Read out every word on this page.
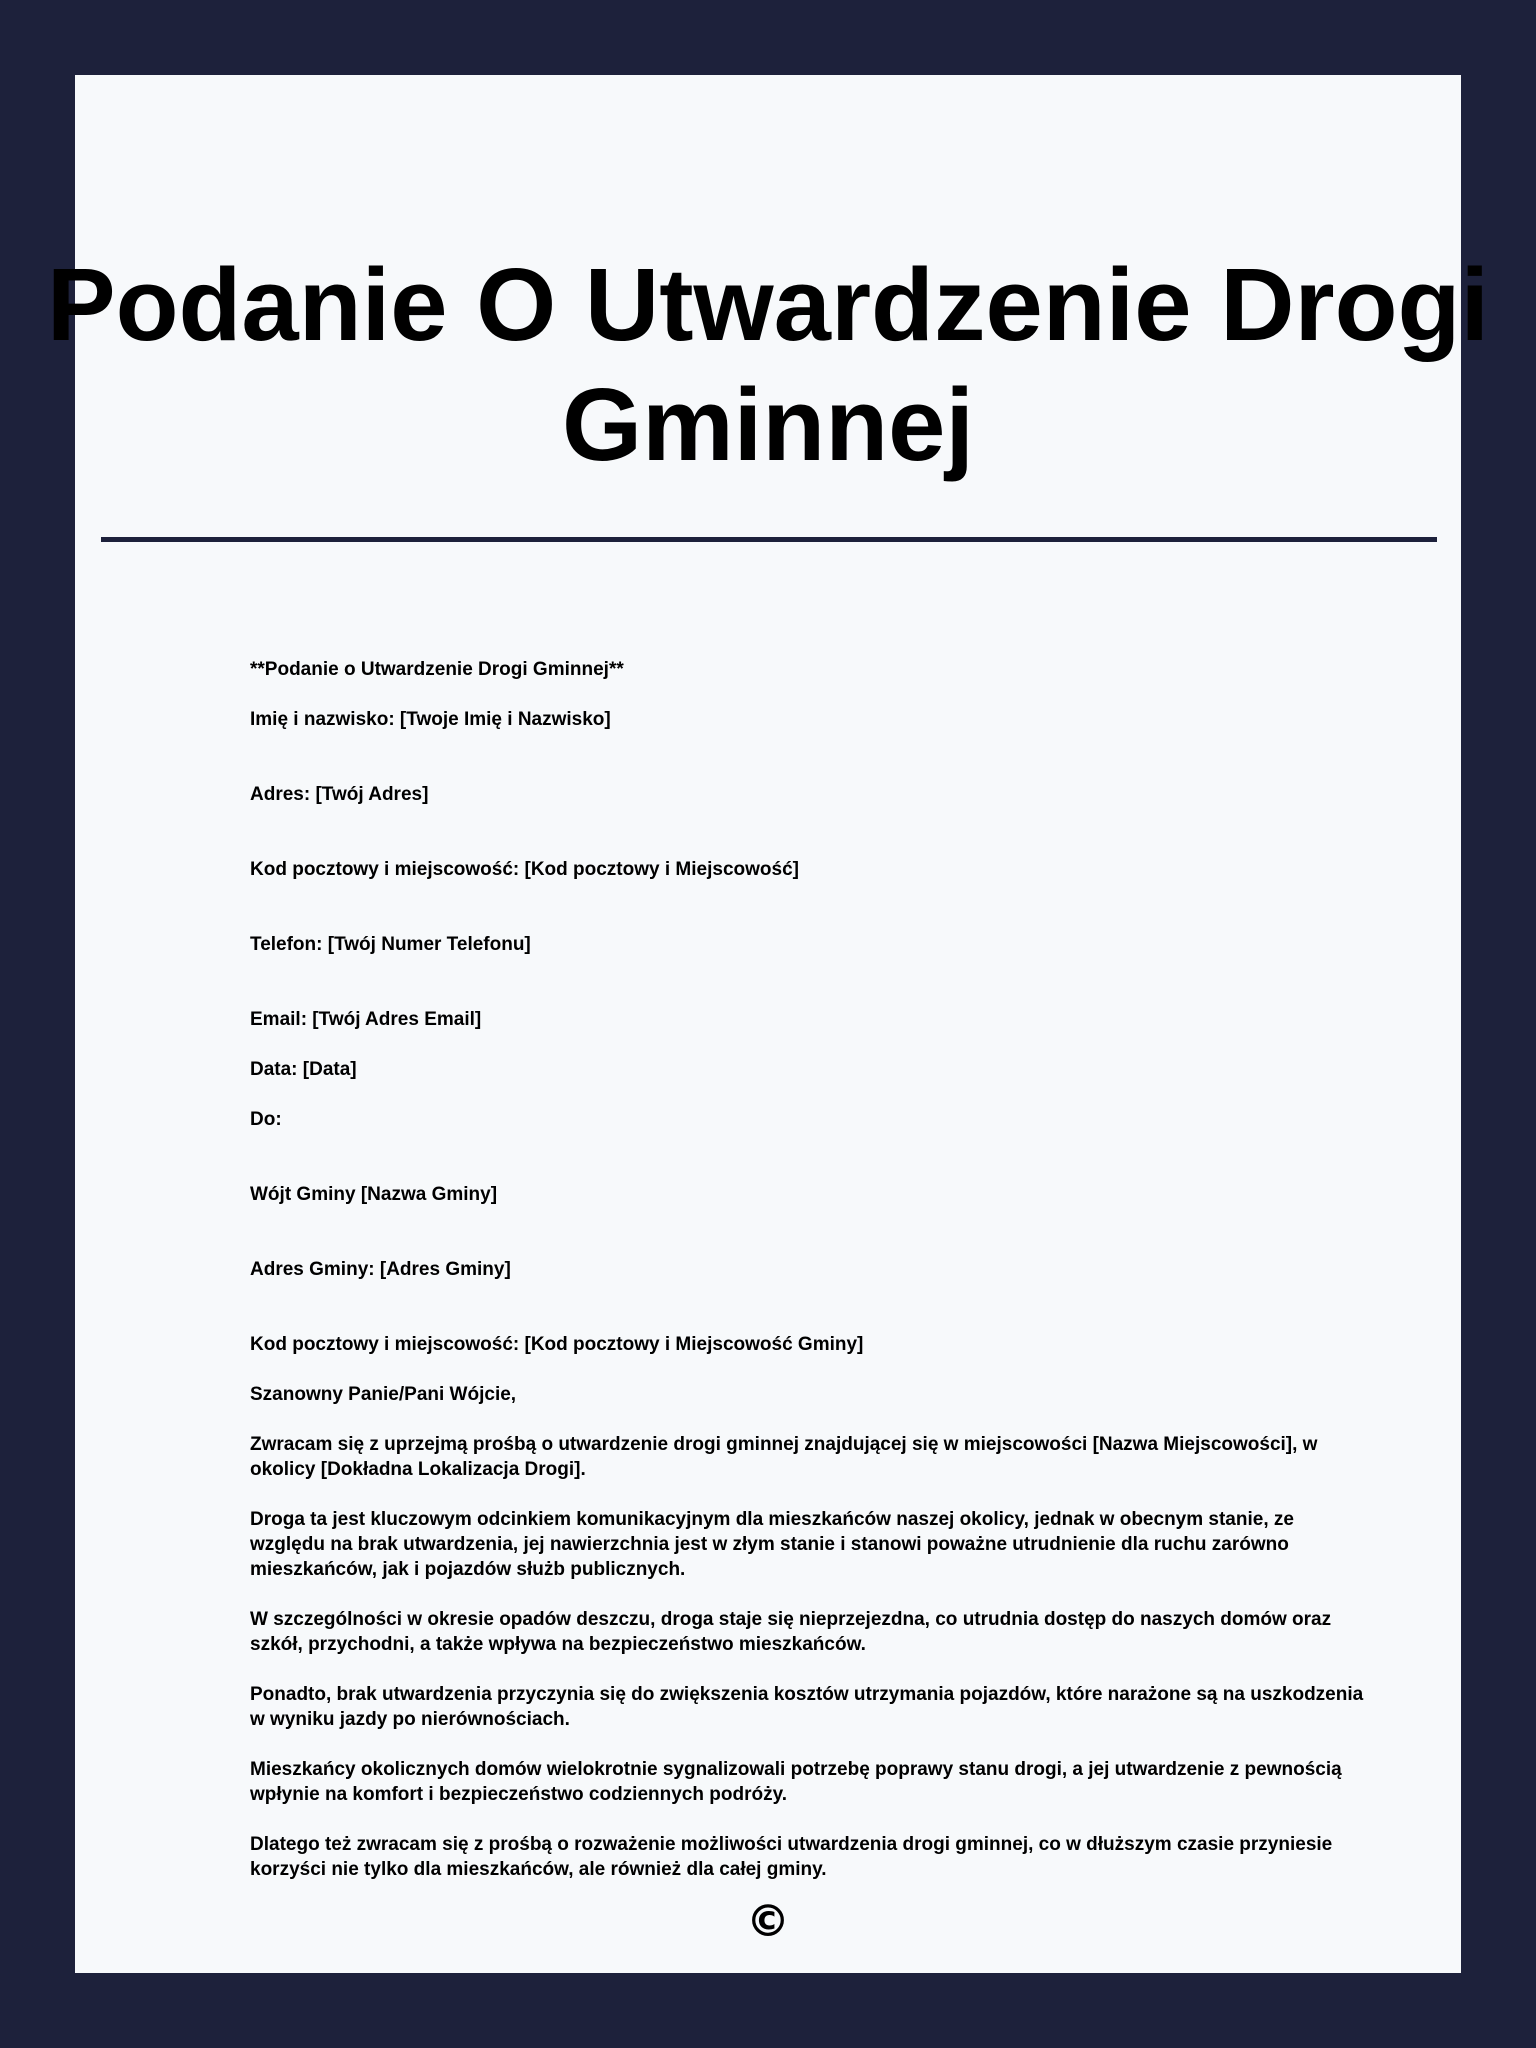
Podanie O Utwardzenie Drogi Gminnej

**Podanie o Utwardzenie Drogi Gminnej**

Imię i nazwisko: [Twoje Imię i Nazwisko]

Adres: [Twój Adres]

Kod pocztowy i miejscowość: [Kod pocztowy i Miejscowość]

Telefon: [Twój Numer Telefonu]

Email: [Twój Adres Email]

Data: [Data]

Do:

Wójt Gminy [Nazwa Gminy]

Adres Gminy: [Adres Gminy]

Kod pocztowy i miejscowość: [Kod pocztowy i Miejscowość Gminy]

Szanowny Panie/Pani Wójcie,

Zwracam się z uprzejmą prośbą o utwardzenie drogi gminnej znajdującej się w miejscowości [Nazwa Miejscowości], w okolicy [Dokładna Lokalizacja Drogi].

Droga ta jest kluczowym odcinkiem komunikacyjnym dla mieszkańców naszej okolicy, jednak w obecnym stanie, ze względu na brak utwardzenia, jej nawierzchnia jest w złym stanie i stanowi poważne utrudnienie dla ruchu zarówno mieszkańców, jak i pojazdów służb publicznych.

W szczególności w okresie opadów deszczu, droga staje się nieprzejezdna, co utrudnia dostęp do naszych domów oraz szkół, przychodni, a także wpływa na bezpieczeństwo mieszkańców.

Ponadto, brak utwardzenia przyczynia się do zwiększenia kosztów utrzymania pojazdów, które narażone są na uszkodzenia w wyniku jazdy po nierównościach.

Mieszkańcy okolicznych domów wielokrotnie sygnalizowali potrzebę poprawy stanu drogi, a jej utwardzenie z pewnością wpłynie na komfort i bezpieczeństwo codziennych podróży.

Dlatego też zwracam się z prośbą o rozważenie możliwości utwardzenia drogi gminnej, co w dłuższym czasie przyniesie korzyści nie tylko dla mieszkańców, ale również dla całej gminy.

©
